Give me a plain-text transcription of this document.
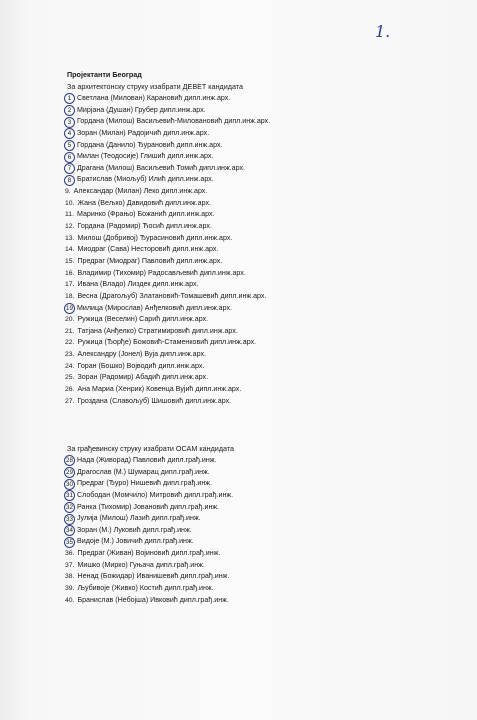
1.
Пројектанти Београд
За архитектонску струку изабрати ДЕВЕТ кандидата
1 Светлана (Милован) Карановић дипл.инж.арх.
2 Мирјана (Душан) Грубер дипл.инж.арх.
3 Гордана (Милош) Васиљевић-Миловановић дипл.инж.арх.
4 Зоран (Милан) Радојичић дипл.инж.арх.
5 Гордана (Данило) Ђурановић дипл.инж.арх.
6 Милан (Теодосије) Глишић дипл.инж.арх.
7 Драгана (Милош) Васиљевић Томић дипл.инж.арх.
8 Братислав (Миољуб) Илић дипл.инж.арх.
9 . Александар (Милан) Леко дипл.инж.арх.
10 . Жана (Вељко) Давидовић дипл.инж.арх.
11 . Маринко (Фрањо) Божанић дипл.инж.арх.
12 . Гордана (Радомир) Ћосић дипл.инж.арх.
13 . Милош (Добривој) Ђурасиновић дипл.инж.арх.
14 . Миодраг (Сава) Несторовић дипл.инж.арх.
15 . Предраг (Миодраг) Павловић дипл.инж.арх.
16 . Владимир (Тихомир) Радосављевић дипл.инж.арх.
17 . Ивана (Владо) Лиздек дипл.инж.арх.
18 . Весна (Драгољуб) Златановић-Томашевић дипл.инж.арх.
19 Милица (Мирослав) Анђелковић дипл.инж.арх.
20 . Ружица (Веселин) Сарић дипл.инж.арх.
21 . Татјана (Анђелко) Стратимировић дипл.инж.арх.
22 . Ружица (Ђорђе) Божовић-Стаменковић дипл.инж.арх.
23 . Александру (Јонел) Вуја дипл.инж.арх.
24 . Горан (Бошко) Војводић дипл.инж.арх.
25 . Зоран (Радомир) Абадић дипл.инж.арх.
26 . Ана Мариа (Хенрик) Ковенца Вујић дипл.инж.арх.
27 . Гроздана (Славољуб) Шишовић дипл.инж.арх.
За грађевинску струку изабрати ОСАМ кандидата
28 Нада (Живорад) Павловић дипл.грађ.инж.
29 Драгослав (М.) Шумарац дипл.грађ.инж.
30 Предраг (Ђуро) Нишевић дипл.грађ.инж.
31 Слободан (Момчило) Митровић дипл.грађ.инж.
32 Ранка (Тихомир) Јовановић дипл.грађ.инж.
33 Јулија (Милош) Лазић дипл.грађ.инж.
34 Зоран (М.) Луковић дипл.грађ.инж.
35 Видоје (М.) Јовичић дипл.грађ.инж.
36 . Предраг (Живан) Војиновић дипл.грађ.инж.
37 . Мишко (Мирко) Гуњача дипл.грађ.инж.
38 . Ненад (Божидар) Иванишевић дипл.грађ.инж.
39 . Љубивоје (Живко) Костић дипл.грађ.инж.
40 . Бранислав (Небојша) Ивковић дипл.грађ.инж.
